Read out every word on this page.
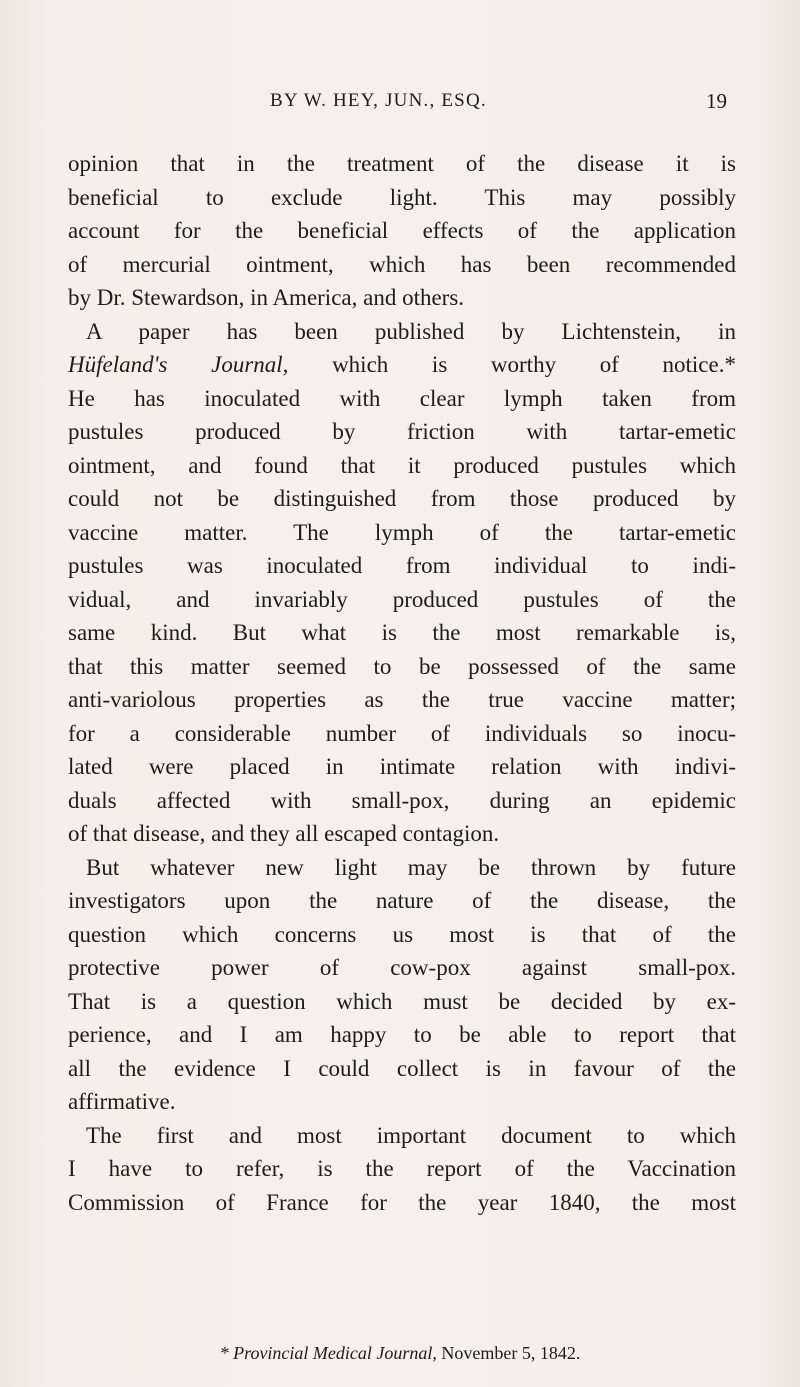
BY W. HEY, JUN., ESQ.	19
opinion that in the treatment of the disease it is
beneficial to exclude light. This may possibly
account for the beneficial effects of the application
of mercurial ointment, which has been recommended
by Dr. Stewardson, in America, and others.
A paper has been published by Lichtenstein, in
Hüfeland's Journal, which is worthy of notice.*
He has inoculated with clear lymph taken from
pustules produced by friction with tartar-emetic
ointment, and found that it produced pustules which
could not be distinguished from those produced by
vaccine matter. The lymph of the tartar-emetic
pustules was inoculated from individual to indi-
vidual, and invariably produced pustules of the
same kind. But what is the most remarkable is,
that this matter seemed to be possessed of the same
anti-variolous properties as the true vaccine matter;
for a considerable number of individuals so inocu-
lated were placed in intimate relation with indivi-
duals affected with small-pox, during an epidemic
of that disease, and they all escaped contagion.
But whatever new light may be thrown by future
investigators upon the nature of the disease, the
question which concerns us most is that of the
protective power of cow-pox against small-pox.
That is a question which must be decided by ex-
perience, and I am happy to be able to report that
all the evidence I could collect is in favour of the
affirmative.
The first and most important document to which
I have to refer, is the report of the Vaccination
Commission of France for the year 1840, the most
* Provincial Medical Journal, November 5, 1842.
